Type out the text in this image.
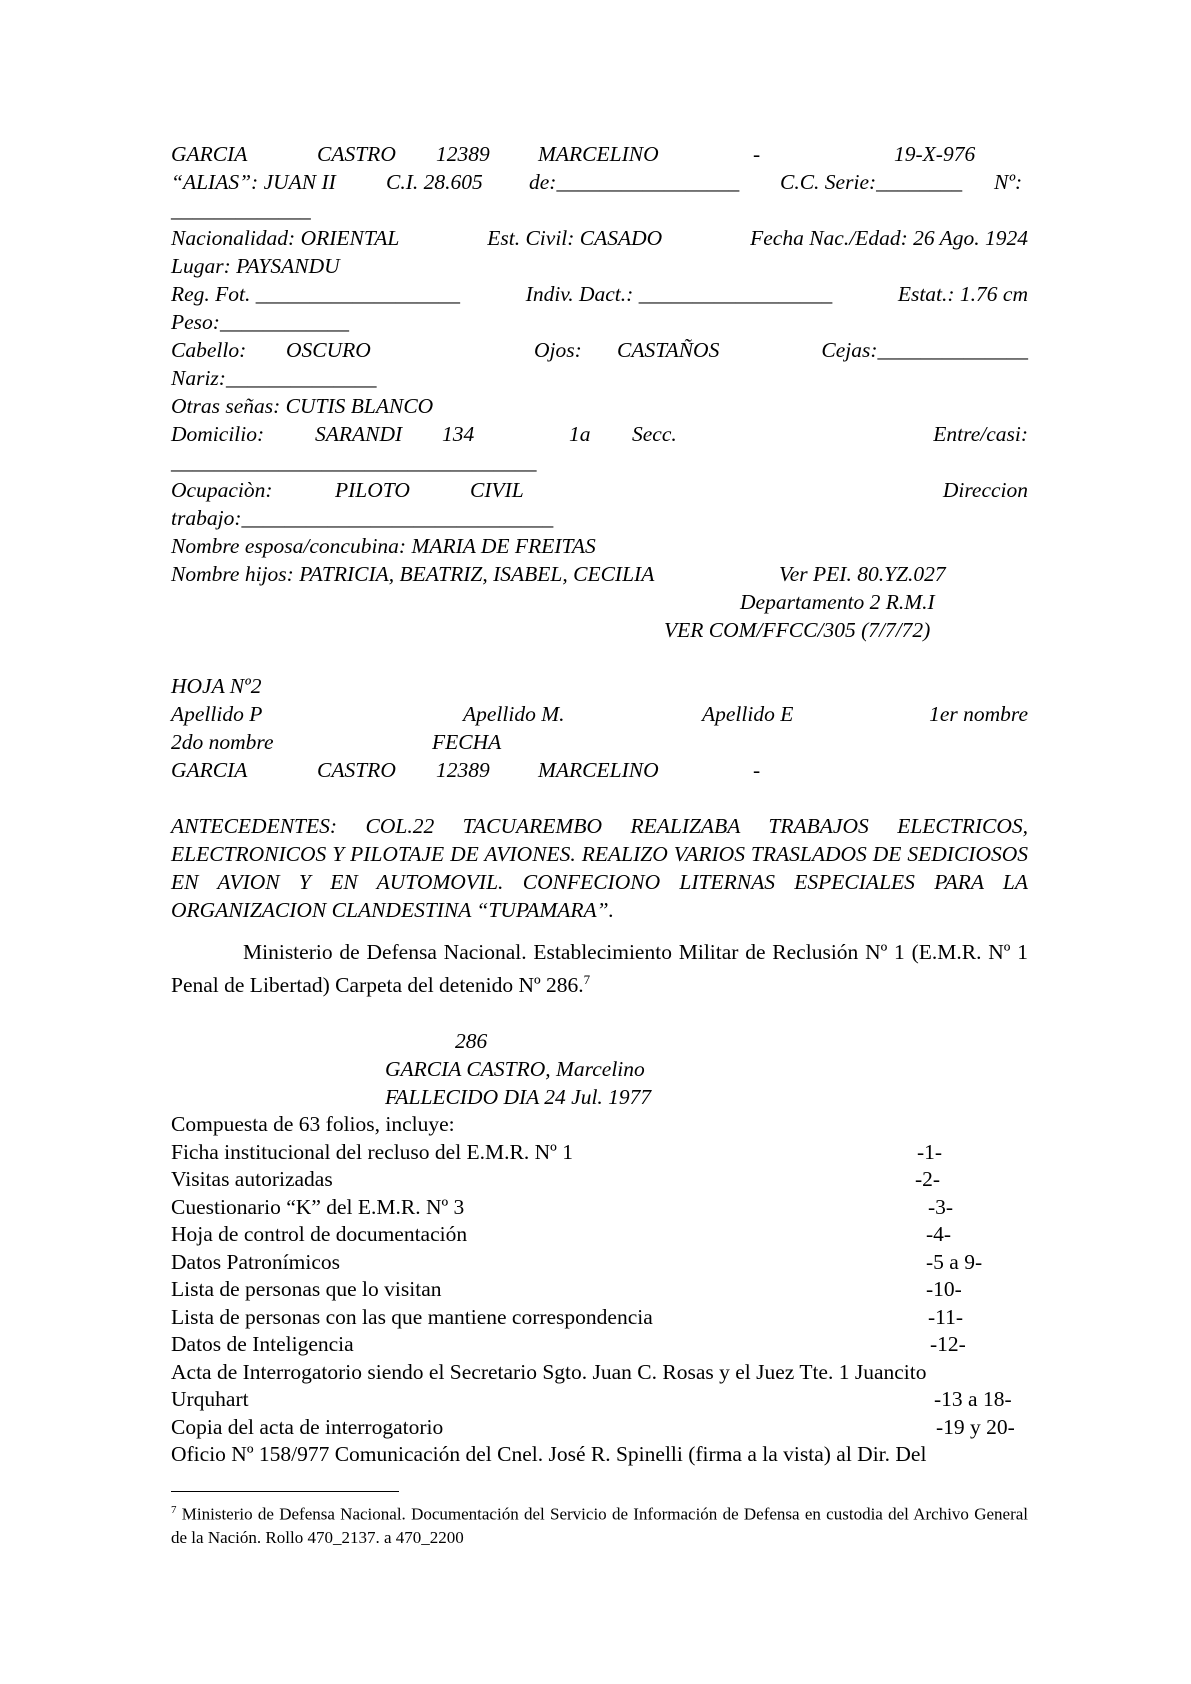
GARCIA	CASTRO 12389 MARCELINO	-	19-X-976
“ALIAS”: JUAN II C.I. 28.605 de:_________________ C.C. Serie:________ Nº:
_____________
Nacionalidad: ORIENTAL	Est. Civil: CASADO	Fecha Nac./Edad: 26 Ago. 1924
Lugar: PAYSANDU
Reg. Fot. ___________________	Indiv. Dact.: __________________	Estat.: 1.76 cm
Peso:____________
Cabello: OSCURO	Ojos: CASTAÑOS	Cejas:______________
Nariz:______________
Otras señas: CUTIS BLANCO
Domicilio: SARANDI 134	1a Secc.	Entre/casi:
__________________________________
Ocupaciòn:	PILOTO	CIVIL	Direccion
trabajo:_____________________________
Nombre esposa/concubina: MARIA DE FREITAS
Nombre hijos: PATRICIA, BEATRIZ, ISABEL, CECILIA	Ver PEI. 80.YZ.027
Departamento 2 R.M.I
VER COM/FFCC/305 (7/7/72)
HOJA Nº2
Apellido P	Apellido M.	Apellido E	1er nombre
2do nombre	FECHA
GARCIA	CASTRO 12389 MARCELINO	-
ANTECEDENTES: COL.22 TACUAREMBO REALIZABA TRABAJOS ELECTRICOS, ELECTRONICOS Y PILOTAJE DE AVIONES. REALIZO VARIOS TRASLADOS DE SEDICIOSOS EN AVION Y EN AUTOMOVIL. CONFECIONO LITERNAS ESPECIALES PARA LA ORGANIZACION CLANDESTINA “TUPAMARA”.

Ministerio de Defensa Nacional. Establecimiento Militar de Reclusión Nº 1 (E.M.R. Nº 1 Penal de Libertad) Carpeta del detenido Nº 286.$^7$

286
GARCIA CASTRO, Marcelino
FALLECIDO DIA 24 Jul. 1977
Compuesta de 63 folios, incluye:
Ficha institucional del recluso del E.M.R. Nº 1	-1-
Visitas autorizadas	-2-
Cuestionario “K” del E.M.R. Nº 3	-3-
Hoja de control de documentación	-4-
Datos Patronímicos	-5 a 9-
Lista de personas que lo visitan	-10-
Lista de personas con las que mantiene correspondencia	-11-
Datos de Inteligencia	-12-
Acta de Interrogatorio siendo el Secretario Sgto. Juan C. Rosas y el Juez Tte. 1 Juancito
Urquhart	-13 a 18-
Copia del acta de interrogatorio	-19 y 20-
Oficio Nº 158/977 Comunicación del Cnel. José R. Spinelli (firma a la vista) al Dir. Del
$^7$ Ministerio de Defensa Nacional. Documentación del Servicio de Información de Defensa en custodia del Archivo General de la Nación. Rollo 470_2137. a 470_2200
